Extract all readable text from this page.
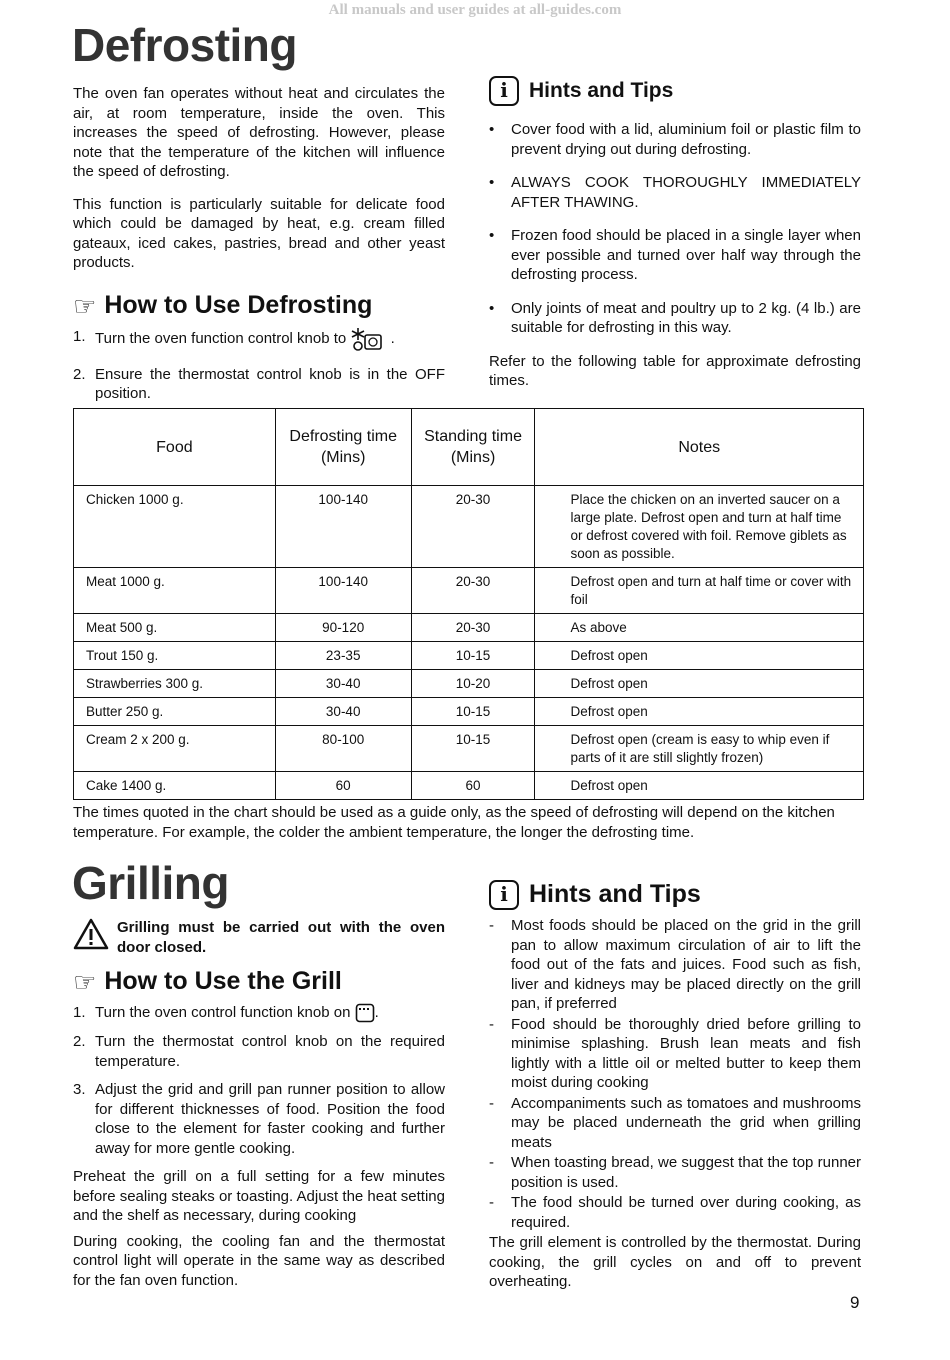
All manuals and user guides at all-guides.com
Defrosting

The oven fan operates without heat and circulates the air, at room temperature, inside the oven. This increases the speed of defrosting. However, please note that the temperature of the kitchen will influence the speed of defrosting.

This function is particularly suitable for delicate food which could be damaged by heat, e.g. cream filled gateaux, iced cakes, pastries, bread and other yeast products.

☞ How to Use Defrosting
1. Turn the oven function control knob to	.
2. Ensure the thermostat control knob is in the OFF position.
i	Hints and Tips
•	Cover food with a lid, aluminium foil or plastic film to prevent drying out during defrosting.
•	ALWAYS COOK THOROUGHLY IMMEDIATELY AFTER THAWING.
•	Frozen food should be placed in a single layer when ever possible and turned over half way through the defrosting process.
•	Only joints of meat and poultry up to 2 kg. (4 lb.) are suitable for defrosting in this way.

Refer to the following table for approximate defrosting times.

Food	Defrosting time (Mins)	Standing time (Mins)	Notes
Chicken 1000 g.	100-140	20-30	Place the chicken on an inverted saucer on a large plate. Defrost open and turn at half time or defrost covered with foil. Remove giblets as soon as possible.
Meat 1000 g.	100-140	20-30	Defrost open and turn at half time or cover with foil
Meat 500 g.	90-120	20-30	As above
Trout 150 g.	23-35	10-15	Defrost open
Strawberries 300 g.	30-40	10-20	Defrost open
Butter 250 g.	30-40	10-15	Defrost open
Cream 2 x 200 g.	80-100	10-15	Defrost open (cream is easy to whip even if parts of it are still slightly frozen)
Cake 1400 g.	60	60	Defrost open
The times quoted in the chart should be used as a guide only, as the speed of defrosting will depend on the kitchen temperature. For example, the colder the ambient temperature, the longer the defrosting time.
Grilling
Grilling must be carried out with the oven door closed.
☞ How to Use the Grill
1. Turn the oven control function knob on .
2. Turn the thermostat control knob on the required temperature.
3. Adjust the grid and grill pan runner position to allow for different thicknesses of food. Position the food close to the element for faster cooking and further away for more gentle cooking.

Preheat the grill on a full setting for a few minutes before sealing steaks or toasting. Adjust the heat setting and the shelf as necessary, during cooking

During cooking, the cooling fan and the thermostat control light will operate in the same way as described for the fan oven function.

i Hints and Tips
-	Most foods should be placed on the grid in the grill pan to allow maximum circulation of air to lift the food out of the fats and juices. Food such as fish, liver and kidneys may be placed directly on the grill pan, if preferred
-	Food should be thoroughly dried before grilling to minimise splashing. Brush lean meats and fish lightly with a little oil or melted butter to keep them moist during cooking
-	Accompaniments such as tomatoes and mushrooms may be placed underneath the grid when grilling meats
-	When toasting bread, we suggest that the top runner position is used.
-	The food should be turned over during cooking, as required.

The grill element is controlled by the thermostat. During cooking, the grill cycles on and off to prevent overheating.

9
